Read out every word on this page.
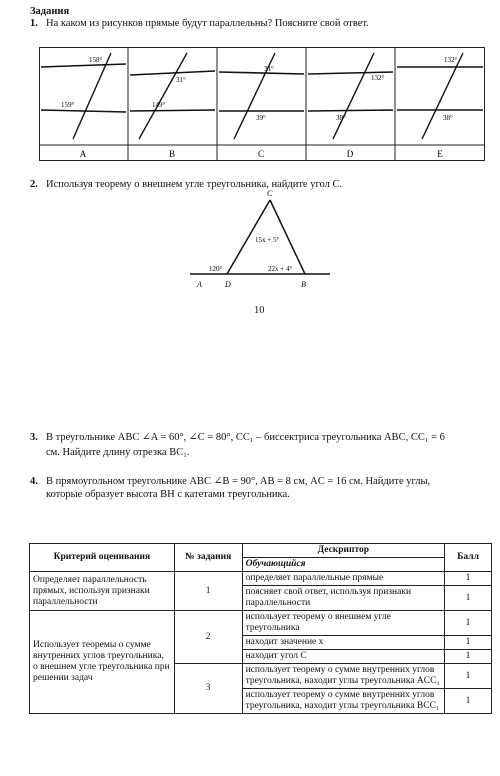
Задания
1. На каком из рисунков прямые будут параллельны? Поясните свой ответ.
158°
159°
31°
149°
31°
39°
132°
38°
132°
38°
A	B	C	D	E
2. Используя теорему о внешнем угле треугольника, найдите угол C.
C
A	D	B
120°
15x + 5°
22x + 4°
10
3. В треугольнике ABC ∠A = 60°, ∠C = 80°, CC₁ – биссектриса треугольника ABC, CC₁ = 6
см. Найдите длину отрезка BC₁.
4. В прямоугольном треугольнике ABC ∠B = 90°, AB = 8 см, AC = 16 см. Найдите углы,
которые образует высота BH с катетами треугольника.
Критерий оценивания	№ задания	Дескриптор	Балл
		Обучающийся	
Определяет параллельность прямых, используя признаки параллельности	1	определяет параллельные прямые	1
		поясняет свой ответ, используя признаки параллельности	1
Использует теоремы о сумме внутренних углов треугольника, о внешнем угле треугольника при решении задач	2	использует теорему о внешнем угле треугольника	1
		находит значение x	1
		находит угол C	1
	3	использует теорему о сумме внутренних углов треугольника, находит углы треугольника ACC₁	1
		использует теорему о сумме внутренних углов треугольника, находит углы треугольника BCC₁	1
